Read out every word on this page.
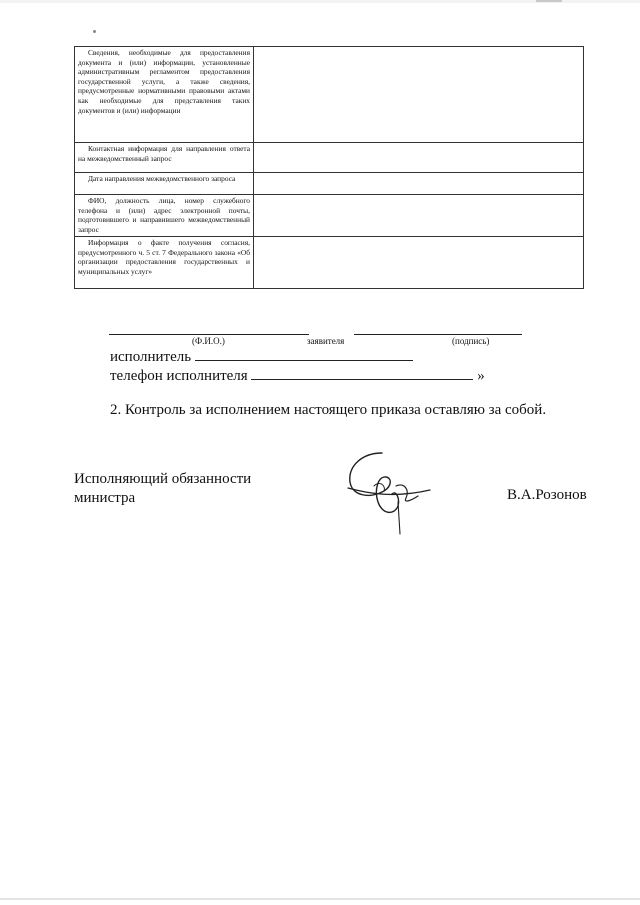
Сведения, необходимые для предоставления документа и (или) информации, установленные административным регламентом предоставления государственной услуги, а также сведения, предусмотренные нормативными правовыми актами как необходимые для представления таких документов и (или) информации	
Контактная информация для направления ответа на межведомственный запрос	
Дата направления межведомственного запроса	
ФИО, должность лица, номер служебного телефона и (или) адрес электронной почты, подготовившего и направившего межведомственный запрос	
Информация о факте получения согласия, предусмотренного ч. 5 ст. 7 Федерального закона «Об организации предоставления государственных и муниципальных услуг»	
(Ф.И.О.)	заявителя	(подпись)
исполнитель
телефон исполнителя	»
2. Контроль за исполнением настоящего приказа оставляю за собой.
Исполняющий обязанности
министра	В.А.Розонов
